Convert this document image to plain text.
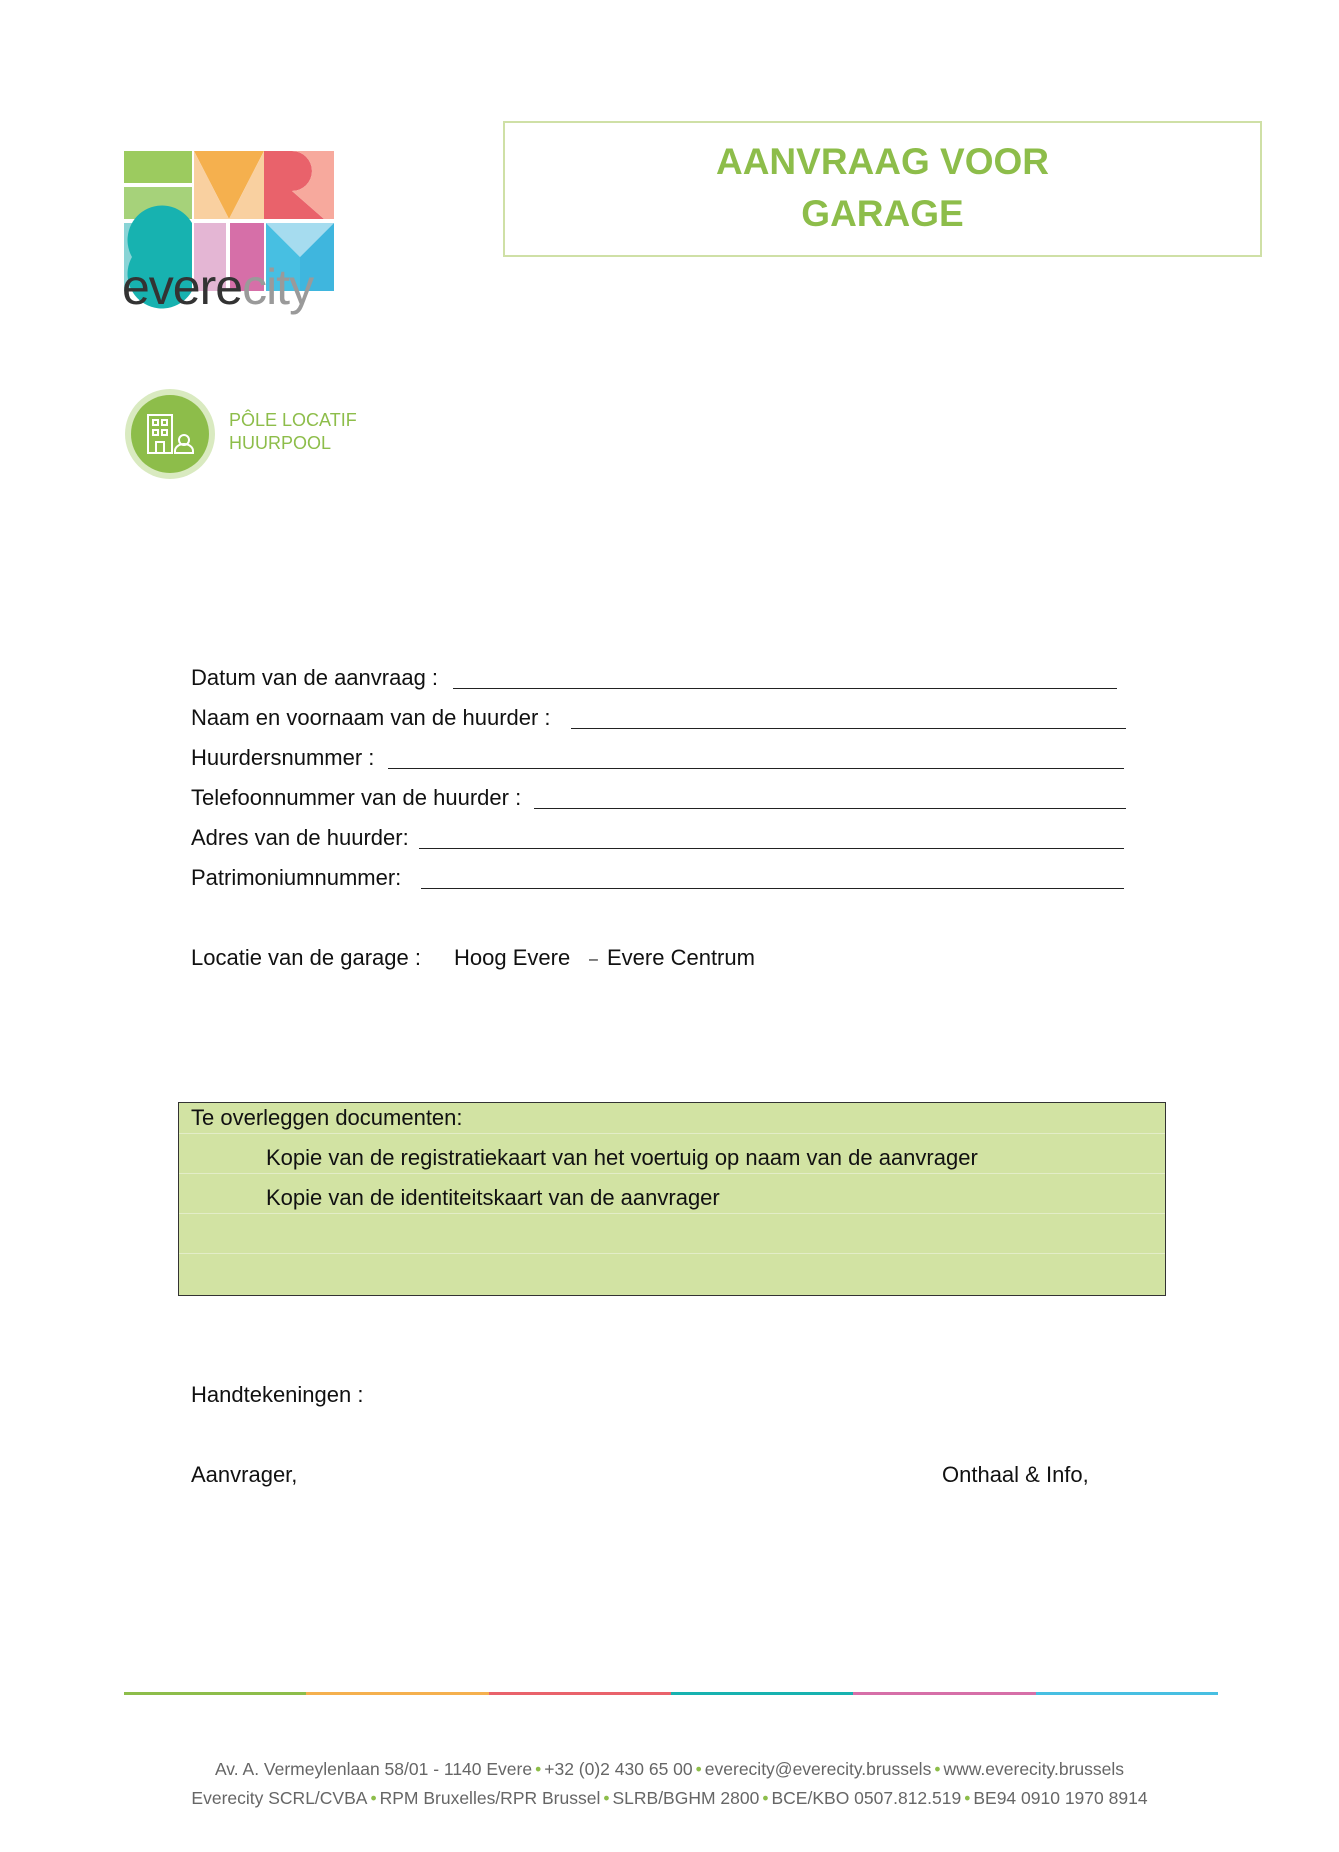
everecity
AANVRAAG VOOR
GARAGE
PÔLE LOCATIF
HUURPOOL
Datum van de aanvraag :
Naam en voornaam van de huurder :
Huurdersnummer :
Telefoonnummer van de huurder :
Adres van de huurder:
Patrimoniumnummer:
Locatie van de garage : Hoog Evere – Evere Centrum
Te overleggen documenten:
Kopie van de registratiekaart van het voertuig op naam van de aanvrager
Kopie van de identiteitskaart van de aanvrager
Handtekeningen :
Aanvrager,	Onthaal & Info,
Av. A. Vermeylenlaan 58/01 - 1140 Evere • +32 (0)2 430 65 00 • everecity@everecity.brussels • www.everecity.brussels
Everecity SCRL/CVBA • RPM Bruxelles/RPR Brussel • SLRB/BGHM 2800 • BCE/KBO 0507.812.519 • BE94 0910 1970 8914
